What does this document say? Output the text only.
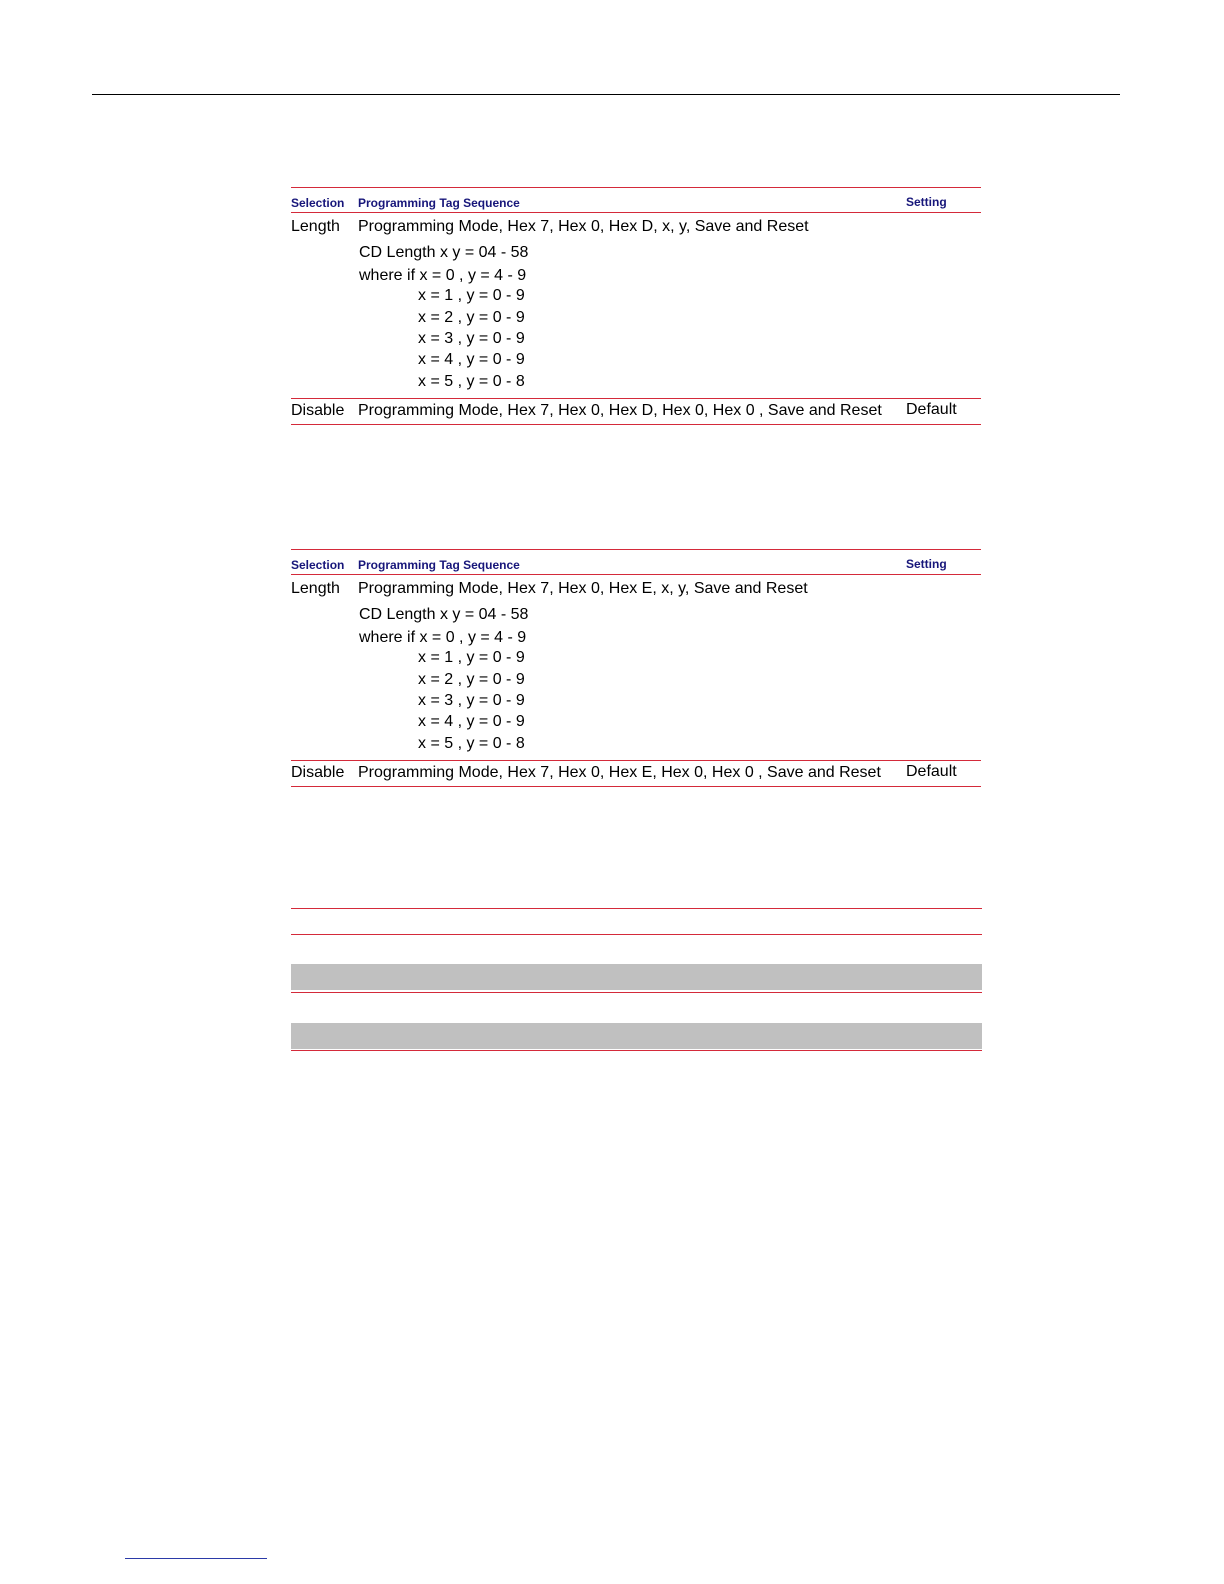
Selection Programming Tag Sequence	Setting
Length Programming Mode, Hex 7, Hex 0, Hex D, x, y, Save and Reset
CD Length x y = 04 - 58
where if x = 0 , y = 4 - 9
x = 1 , y = 0 - 9
x = 2 , y = 0 - 9
x = 3 , y = 0 - 9
x = 4 , y = 0 - 9
x = 5 , y = 0 - 8
Disable Programming Mode, Hex 7, Hex 0, Hex D, Hex 0, Hex 0 , Save and Reset Default
Selection Programming Tag Sequence	Setting
Length Programming Mode, Hex 7, Hex 0, Hex E, x, y, Save and Reset
CD Length x y = 04 - 58
where if x = 0 , y = 4 - 9
x = 1 , y = 0 - 9
x = 2 , y = 0 - 9
x = 3 , y = 0 - 9
x = 4 , y = 0 - 9
x = 5 , y = 0 - 8
Disable Programming Mode, Hex 7, Hex 0, Hex E, Hex 0, Hex 0 , Save and Reset Default
